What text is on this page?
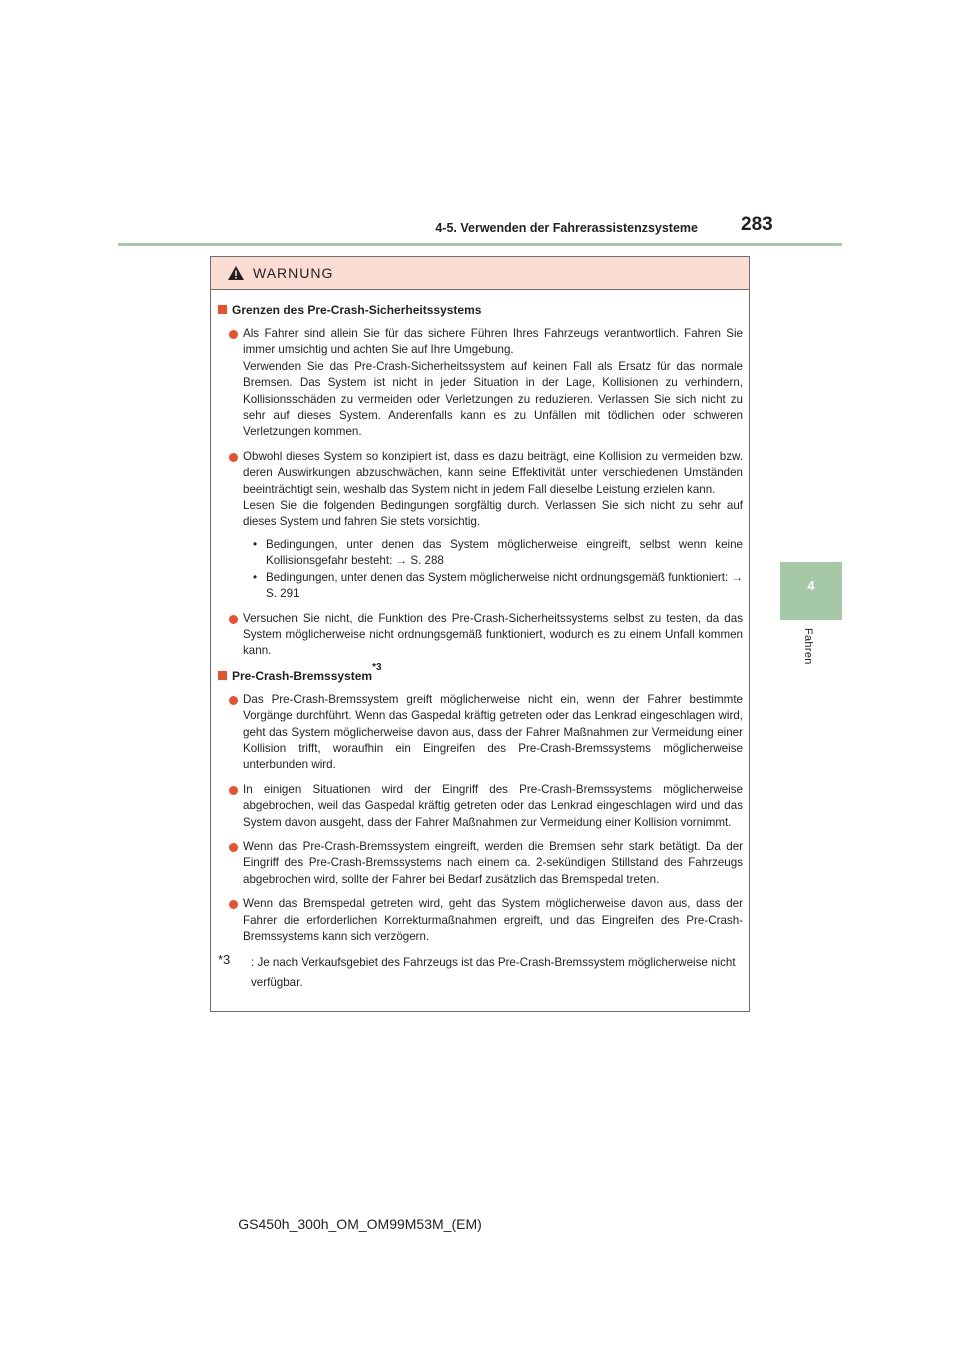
4-5. Verwenden der Fahrerassistenzsysteme 283
4
Fahren
WARNUNG
Grenzen des Pre-Crash-Sicherheitssystems

Als Fahrer sind allein Sie für das sichere Führen Ihres Fahrzeugs verantwortlich. Fahren Sie immer umsichtig und achten Sie auf Ihre Umgebung.

Verwenden Sie das Pre-Crash-Sicherheitssystem auf keinen Fall als Ersatz für das normale Bremsen. Das System ist nicht in jeder Situation in der Lage, Kollisionen zu verhindern, Kollisionsschäden zu vermeiden oder Verletzungen zu reduzieren. Verlassen Sie sich nicht zu sehr auf dieses System. Anderenfalls kann es zu Unfällen mit tödlichen oder schweren Verletzungen kommen.

Obwohl dieses System so konzipiert ist, dass es dazu beiträgt, eine Kollision zu vermeiden bzw. deren Auswirkungen abzuschwächen, kann seine Effektivität unter verschiedenen Umständen beeinträchtigt sein, weshalb das System nicht in jedem Fall dieselbe Leistung erzielen kann.

Lesen Sie die folgenden Bedingungen sorgfältig durch. Verlassen Sie sich nicht zu sehr auf dieses System und fahren Sie stets vorsichtig.

• Bedingungen, unter denen das System möglicherweise eingreift, selbst wenn keine Kollisionsgefahr besteht: → S. 288
• Bedingungen, unter denen das System möglicherweise nicht ordnungsgemäß funktioniert: → S. 291

Versuchen Sie nicht, die Funktion des Pre-Crash-Sicherheitssystems selbst zu testen, da das System möglicherweise nicht ordnungsgemäß funktioniert, wodurch es zu einem Unfall kommen kann.

Pre-Crash-Bremssystem
*3

Das Pre-Crash-Bremssystem greift möglicherweise nicht ein, wenn der Fahrer bestimmte Vorgänge durchführt. Wenn das Gaspedal kräftig getreten oder das Lenkrad eingeschlagen wird, geht das System möglicherweise davon aus, dass der Fahrer Maßnahmen zur Vermeidung einer Kollision trifft, woraufhin ein Eingreifen des Pre-Crash-Bremssystems möglicherweise unterbunden wird.

In einigen Situationen wird der Eingriff des Pre-Crash-Bremssystems möglicherweise abgebrochen, weil das Gaspedal kräftig getreten oder das Lenkrad eingeschlagen wird und das System davon ausgeht, dass der Fahrer Maßnahmen zur Vermeidung einer Kollision vornimmt.

Wenn das Pre-Crash-Bremssystem eingreift, werden die Bremsen sehr stark betätigt. Da der Eingriff des Pre-Crash-Bremssystems nach einem ca. 2-sekündigen Stillstand des Fahrzeugs abgebrochen wird, sollte der Fahrer bei Bedarf zusätzlich das Bremspedal treten.

Wenn das Bremspedal getreten wird, geht das System möglicherweise davon aus, dass der Fahrer die erforderlichen Korrekturmaßnahmen ergreift, und das Eingreifen des Pre-Crash-Bremssystems kann sich verzögern.

*3 : Je nach Verkaufsgebiet des Fahrzeugs ist das Pre-Crash-Bremssystem möglicherweise nicht verfügbar.
GS450h_300h_OM_OM99M53M_(EM)
